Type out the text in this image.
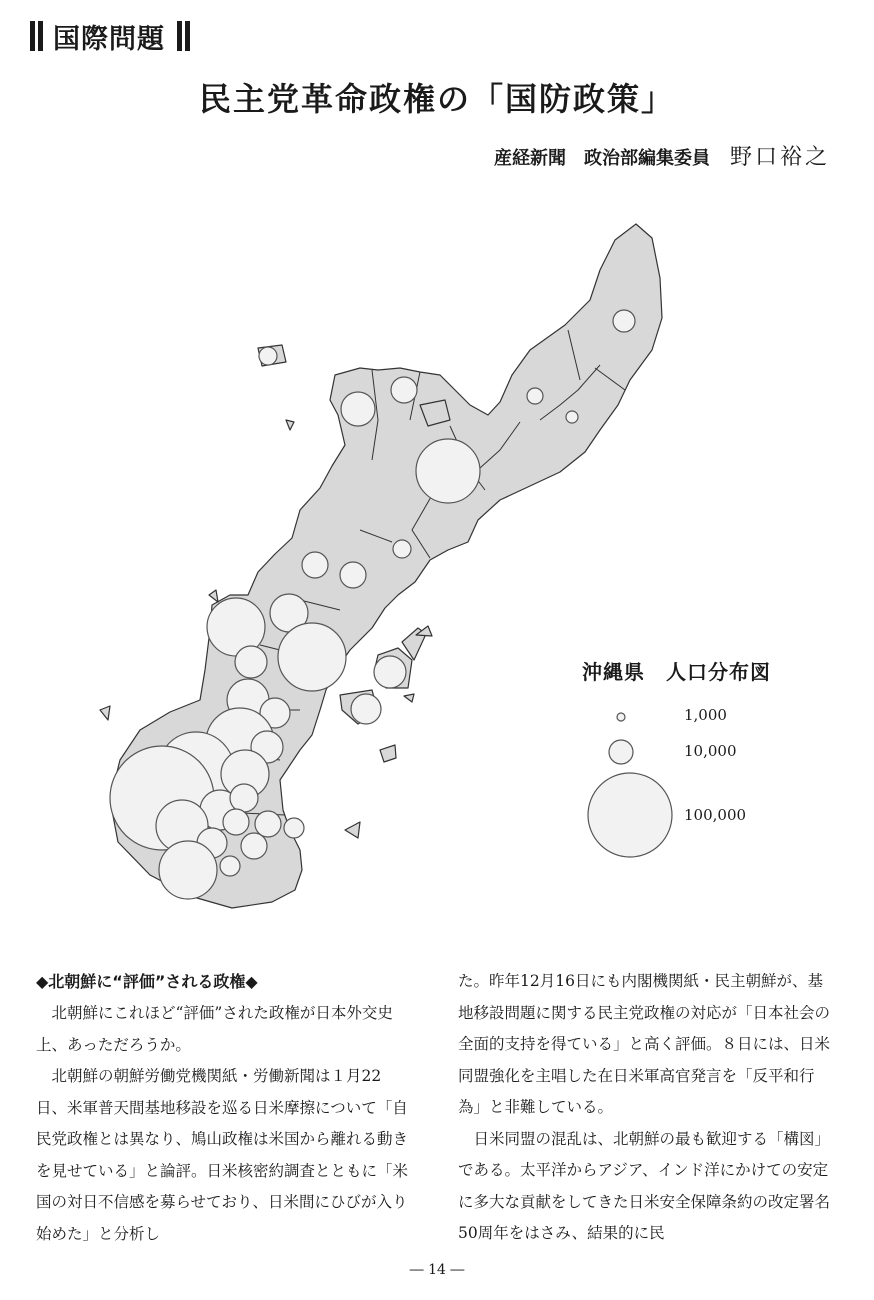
国際問題
民主党革命政権の「国防政策」
産経新聞　政治部編集委員 野口裕之
沖縄県　人口分布図
1,000
10,000
100,000
◆北朝鮮に“評価”される政権◆

北朝鮮にこれほど“評価”された政権が日本外交史上、あっただろうか。

北朝鮮の朝鮮労働党機関紙・労働新聞は１月22日、米軍普天間基地移設を巡る日米摩擦について「自民党政権とは異なり、鳩山政権は米国から離れる動きを見せている」と論評。日米核密約調査とともに「米国の対日不信感を募らせており、日米間にひびが入り始めた」と分析し

た。昨年12月16日にも内閣機関紙・民主朝鮮が、基地移設問題に関する民主党政権の対応が「日本社会の全面的支持を得ている」と高く評価。８日には、日米同盟強化を主唱した在日米軍高官発言を「反平和行為」と非難している。

日米同盟の混乱は、北朝鮮の最も歓迎する「構図」である。太平洋からアジア、インド洋にかけての安定に多大な貢献をしてきた日米安全保障条約の改定署名50周年をはさみ、結果的に民

― 14 ―
